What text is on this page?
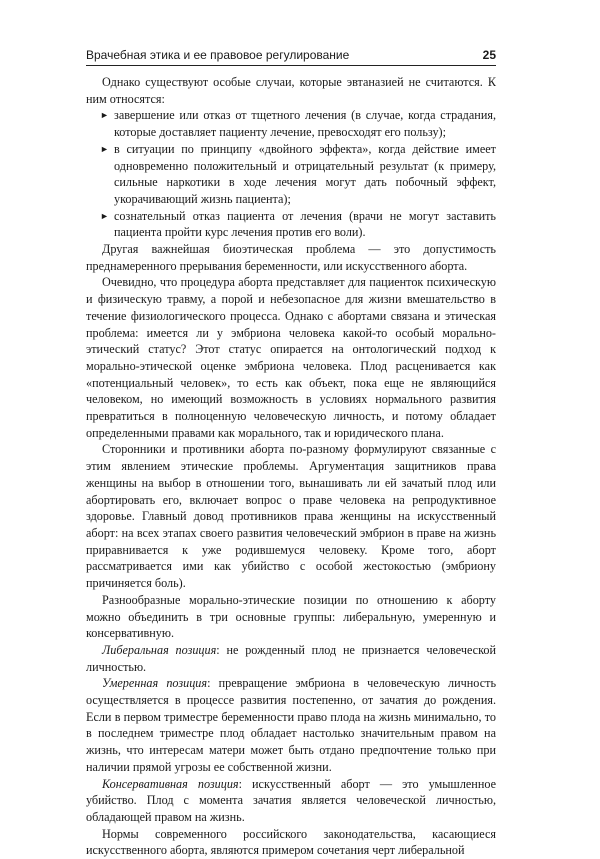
Врачебная этика и ее правовое регулирование	25

Однако существуют особые случаи, которые эвтаназией не считаются. К ним относятся:

► завершение или отказ от тщетного лечения (в случае, когда страдания, которые доставляет пациенту лечение, превосходят его пользу);
► в ситуации по принципу «двойного эффекта», когда действие имеет одновременно положительный и отрицательный результат (к примеру, сильные наркотики в ходе лечения могут дать побочный эффект, укорачивающий жизнь пациента);
► сознательный отказ пациента от лечения (врачи не могут заставить пациента пройти курс лечения против его воли).

Другая важнейшая биоэтическая проблема — это допустимость преднамеренного прерывания беременности, или искусственного аборта.

Очевидно, что процедура аборта представляет для пациенток психическую и физическую травму, а порой и небезопасное для жизни вмешательство в течение физиологического процесса. Однако с абортами связана и этическая проблема: имеется ли у эмбриона человека какой-то особый морально-этический статус? Этот статус опирается на онтологический подход к морально-этической оценке эмбриона человека. Плод расценивается как «потенциальный человек», то есть как объект, пока еще не являющийся человеком, но имеющий возможность в условиях нормального развития превратиться в полноценную человеческую личность, и потому обладает определенными правами как морального, так и юридического плана.

Сторонники и противники аборта по-разному формулируют связанные с этим явлением этические проблемы. Аргументация защитников права женщины на выбор в отношении того, вынашивать ли ей зачатый плод или абортировать его, включает вопрос о праве человека на репродуктивное здоровье. Главный довод противников права женщины на искусственный аборт: на всех этапах своего развития человеческий эмбрион в праве на жизнь приравнивается к уже родившемуся человеку. Кроме того, аборт рассматривается ими как убийство с особой жестокостью (эмбриону причиняется боль).

Разнообразные морально-этические позиции по отношению к аборту можно объединить в три основные группы: либеральную, умеренную и консервативную.

Либеральная позиция: не рожденный плод не признается человеческой личностью.

Умеренная позиция: превращение эмбриона в человеческую личность осуществляется в процессе развития постепенно, от зачатия до рождения. Если в первом триместре беременности право плода на жизнь минимально, то в последнем триместре плод обладает настолько значительным правом на жизнь, что интересам матери может быть отдано предпочтение только при наличии прямой угрозы ее собственной жизни.

Консервативная позиция: искусственный аборт — это умышленное убийство. Плод с момента зачатия является человеческой личностью, обладающей правом на жизнь.

Нормы современного российского законодательства, касающиеся искусственного аборта, являются примером сочетания черт либеральной
